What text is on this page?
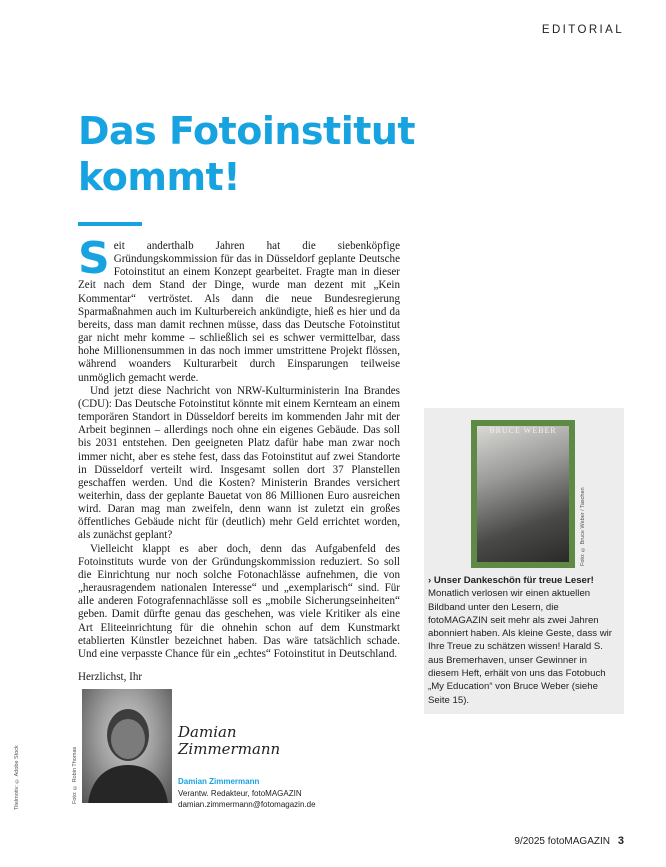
EDITORIAL
Das Fotoinstitut kommt!

Seit anderthalb Jahren hat die siebenköpfige Gründungskommission für das in Düsseldorf geplante Deutsche Fotoinstitut an einem Konzept gearbeitet. Fragte man in dieser Zeit nach dem Stand der Dinge, wurde man dezent mit „Kein Kommentar“ vertröstet. Als dann die neue Bundesregierung Sparmaßnahmen auch im Kulturbereich ankündigte, hieß es hier und da bereits, dass man damit rechnen müsse, dass das Deutsche Fotoinstitut gar nicht mehr komme – schließlich sei es schwer vermittelbar, dass hohe Millionensummen in das noch immer umstrittene Projekt flössen, während woanders Kulturarbeit durch Einsparungen teilweise unmöglich gemacht werde.

Und jetzt diese Nachricht von NRW-Kulturministerin Ina Brandes (CDU): Das Deutsche Fotoinstitut könnte mit einem Kernteam an einem temporären Standort in Düsseldorf bereits im kommenden Jahr mit der Arbeit beginnen – allerdings noch ohne ein eigenes Gebäude. Das soll bis 2031 entstehen. Den geeigneten Platz dafür habe man zwar noch immer nicht, aber es stehe fest, dass das Fotoinstitut auf zwei Standorte in Düsseldorf verteilt wird. Insgesamt sollen dort 37 Planstellen geschaffen werden. Und die Kosten? Ministerin Brandes versichert weiterhin, dass der geplante Bauetat von 86 Millionen Euro ausreichen wird. Daran mag man zweifeln, denn wann ist zuletzt ein großes öffentliches Gebäude nicht für (deutlich) mehr Geld errichtet worden, als zunächst geplant?

Vielleicht klappt es aber doch, denn das Aufgabenfeld des Fotoinstituts wurde von der Gründungskommission reduziert. So soll die Einrichtung nur noch solche Fotonachlässe aufnehmen, die von „herausragendem nationalen Interesse“ und „exemplarisch“ sind. Für alle anderen Fotografennachlässe soll es „mobile Sicherungseinheiten“ geben. Damit dürfte genau das geschehen, was viele Kritiker als eine Art Eliteeinrichtung für die ohnehin schon auf dem Kunstmarkt etablierten Künstler bezeichnet haben. Das wäre tatsächlich schade. Und eine verpasste Chance für ein „echtes“ Fotoinstitut in Deutschland.

Herzlichst, Ihr

BRUCE WEBER
Foto: © Bruce Weber / Taschen
› Unser Dankeschön für treue Leser!
Monatlich verlosen wir einen aktuellen Bildband unter den Lesern, die fotoMAGAZIN seit mehr als zwei Jahren abonniert haben. Als kleine Geste, dass wir Ihre Treue zu schätzen wissen! Harald S. aus Bremerhaven, unser Gewinner in diesem Heft, erhält von uns das Fotobuch „My Education“ von Bruce Weber (siehe Seite 15).
Titelmotiv: © Adobe Stock	Foto: © Robin Thomas
Damian Zimmermann
Damian Zimmermann
Verantw. Redakteur, fotoMAGAZIN
damian.zimmermann@fotomagazin.de
9/2025 fotoMAGAZIN 3
